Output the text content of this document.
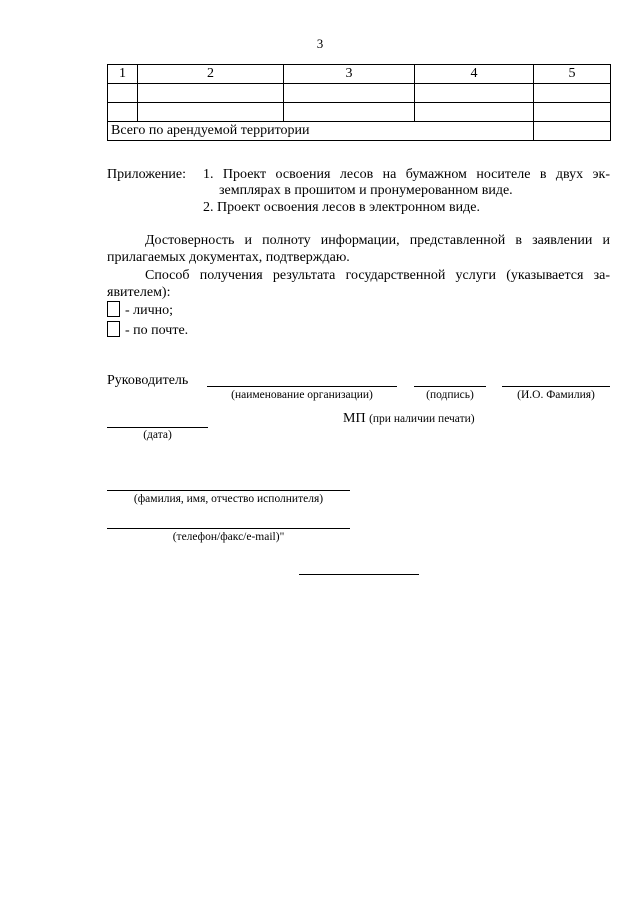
3
1	2	3	4	5

Всего по арендуемой территории				
Приложение: 1. Проект освоения лесов на бумажном носителе в двух эк-
земплярах в прошитом и пронумерованном виде.
2. Проект освоения лесов в электронном виде.
Достоверность и полноту информации, представленной в заявлении и
прилагаемых документах, подтверждаю.
Способ получения результата государственной услуги (указывается за-
явителем):
- лично;
- по почте.
Руководитель
(наименование организации)	(подпись)	(И.О. Фамилия)
(дата)
МП (при наличии печати)
(фамилия, имя, отчество исполнителя)
(телефон/факс/e-mail)"
